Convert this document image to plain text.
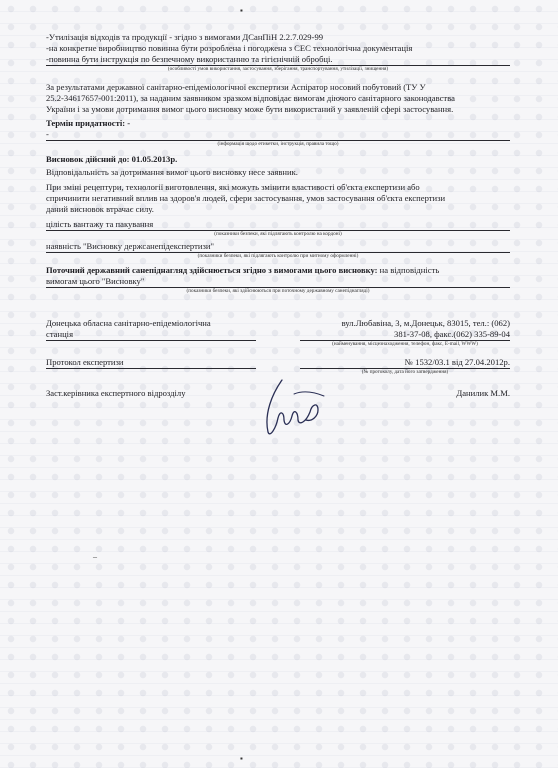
▪

-Утилізація відходів та продукції - згідно з вимогами ДСанПіН 2.2.7.029-99

-на конкретне виробництво повинна бути розроблена і погоджена з СЕС технологічна документація

-повинна бути інструкція по безпечному використанню та гігієнічній обробці.

(особливості умов використання, застосування, зберігання, транспортування, утилізації, знищення)

За результатами державної санітарно-епідеміологічної експертизи Аспіратор носовий побутовий (ТУ У

25.2-34617657-001:2011), за наданим заявником зразком відповідає вимогам діючого санітарного законодавства

України і за умови дотримання вимог цього висновку може бути використаний у заявленій сфері застосування.

Термін придатності: -

-

(інформація щодо етикетки, інструкція, правила тощо)

Висновок дійсний до: 01.05.2013р.

Відповідальність за дотримання вимог цього висновку несе заявник.

При зміні рецептури, технології виготовлення, які можуть змінити властивості об'єкта експертизи або

спричинити негативний вплив на здоров'я людей, сфери застосування, умов застосування об'єкта експертизи

даний висновок втрачає силу.

цілість вантажу та пакування

(показники безпеки, які підлягають контролю на кордоні)

наявність "Висновку держсанепідекспертизи"

(показники безпеки, які підлягають контролю при митному оформленні)

Поточний державний санепіднагляд здійснюється згідно з вимогами цього висновку: на відповідність

вимогам цього "Висновку"

(показники безпеки, які здійснюються при поточному державному санепіднагляді)

Донецька обласна санітарно-епідеміологічна

станція

вул.Любавіна, 3, м.Донецьк, 83015, тел.: (062)

381-37-08, факс.(062) 335-89-04

(найменування, місцезнаходження, телефон, факс, E-mail, WWW)

Протокол експертизи	№ 1532/03.1 від 27.04.2012р.

(№ протоколу, дата його затвердження)

Заст.керівника експертного відрозділу	Данилик М.М.

–
▪
